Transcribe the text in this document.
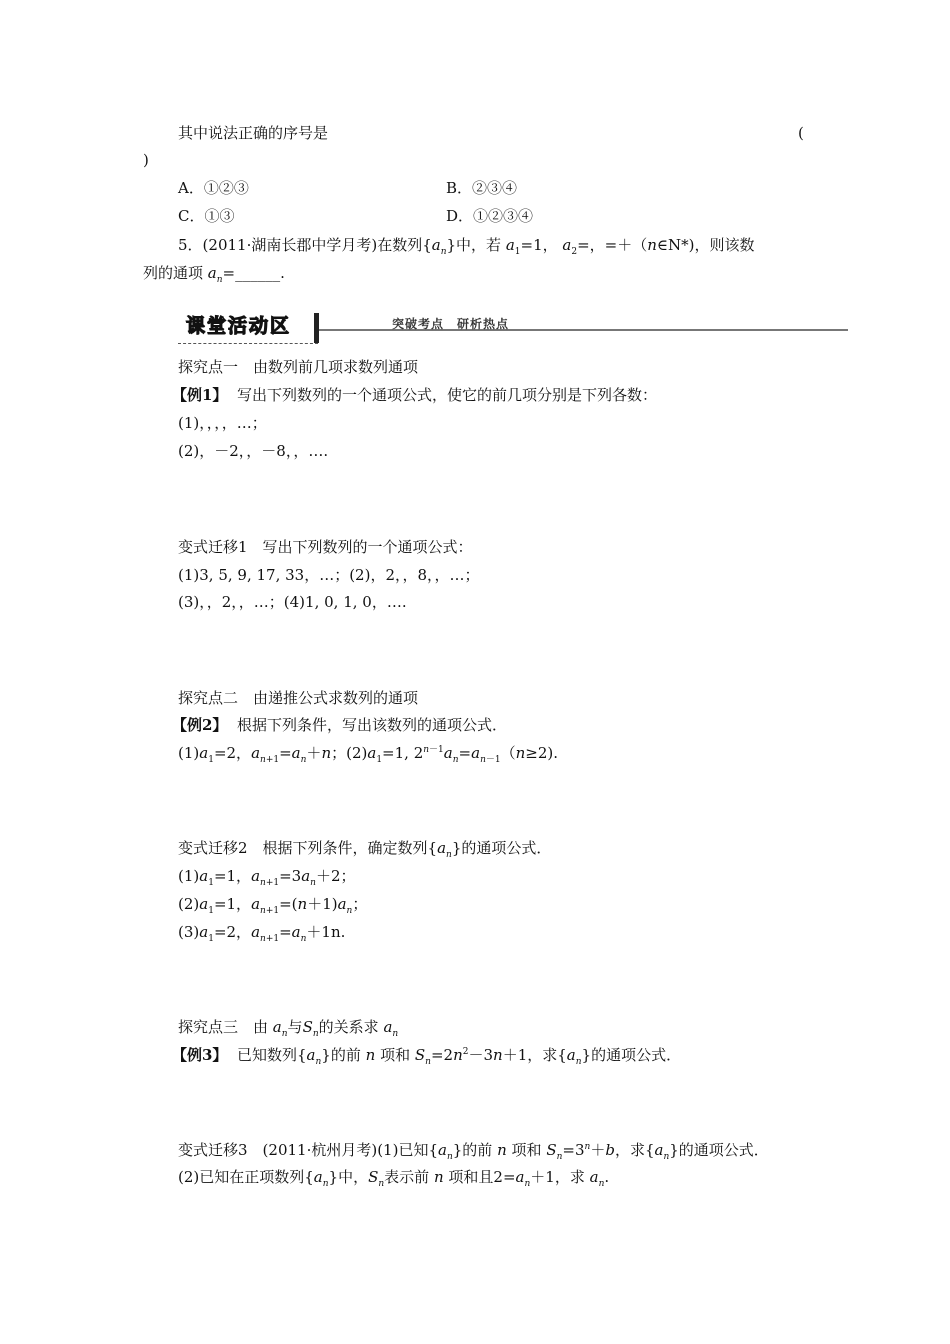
其中说法正确的序号是	(
)
A．①②③	B．②③④
C．①③	D．①②③④
5．(2011·湖南长郡中学月考)在数列$\{a_n\}$中，若 $a_1=1$， $a_2=$，=＋（n∈N*)，则该数
列的通项 $a_n=\_\_\_\_\_\_$.
课堂活动区	突破考点　研析热点
探究点一　由数列前几项求数列通项
【例1】 写出下列数列的一个通项公式，使它的前几项分别是下列各数：
(1)，，，，…；
(2)，－2，，－8，，….
变式迁移1　写出下列数列的一个通项公式：
(1)3, 5, 9, 17, 33，…；(2)，2，，8，，…；
(3)，，2，，…；(4)1, 0, 1, 0，….
探究点二　由递推公式求数列的通项
【例2】 根据下列条件，写出该数列的通项公式．
$(1)a_1=2$，$a_{n+1}=a_n+n$；$(2)a_1=1$, $2^{n-1}a_n=a_{n-1}(n\ge 2)$.
变式迁移2　根据下列条件，确定数列$\{a_n\}$的通项公式．
$(1)a_1=1$，$a_{n+1}=3a_n+2$；
$(2)a_1=1$，$a_{n+1}=(n+1)a_n$；
$(3)a_1=2$，$a_{n+1}=a_n+1n$.
探究点三　由 $a_n$与$S_n$的关系求 $a_n$
【例3】 已知数列$\{a_n\}$的前 n 项和 $S_n=2n^2-3n+1$，求$\{a_n\}$的通项公式．
变式迁移3　(2011·杭州月考)(1)已知$\{a_n\}$的前 n 项和 $S_n=3^n+b$，求$\{a_n\}$的通项公式．
(2)已知在正项数列$\{a_n\}$中，$S_n$表示前 n 项和且$2=a_n+1$，求 $a_n$.
